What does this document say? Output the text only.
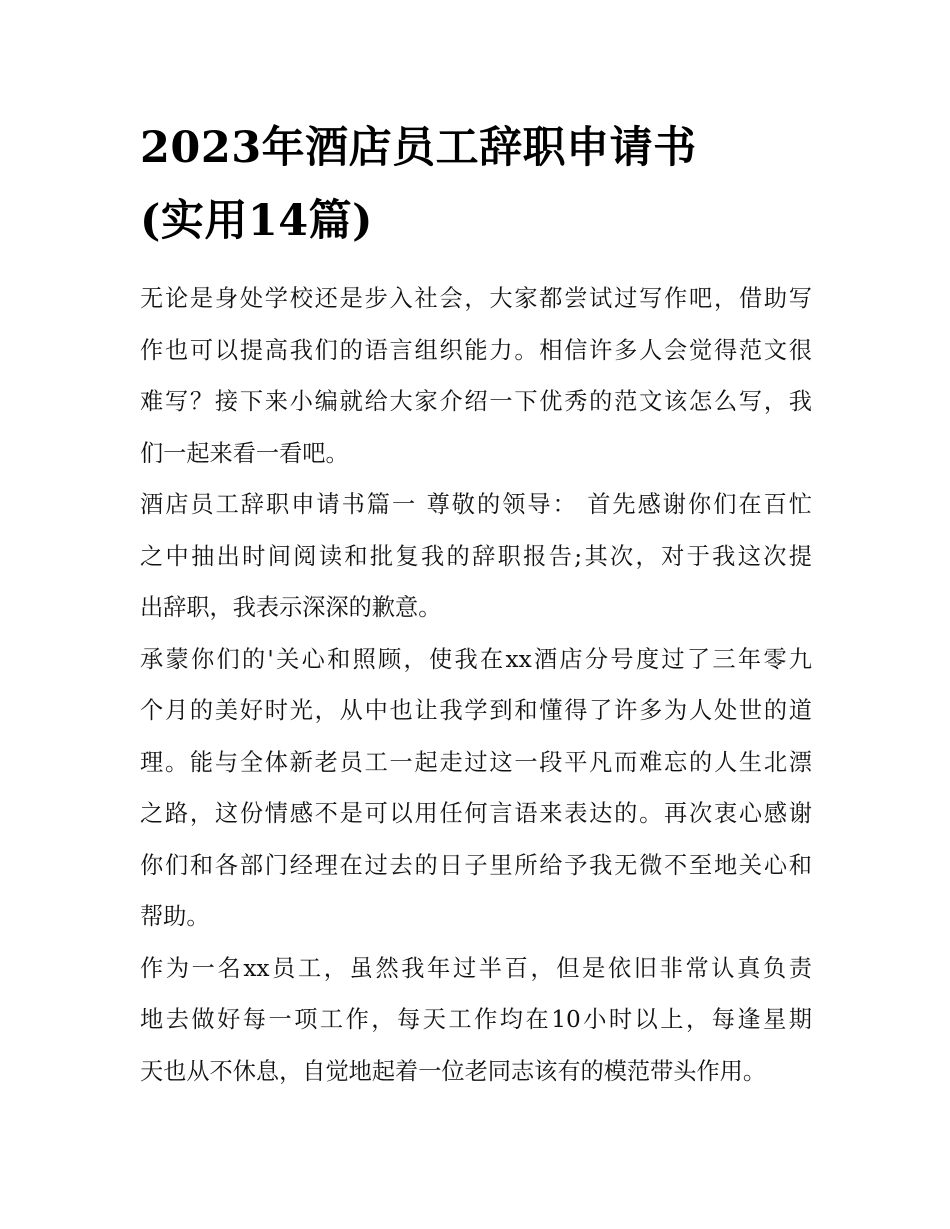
2023年酒店员工辞职申请书
(实用14篇)

无论是身处学校还是步入社会，大家都尝试过写作吧，借助写
作也可以提高我们的语言组织能力。相信许多人会觉得范文很
难写？接下来小编就给大家介绍一下优秀的范文该怎么写，我
们一起来看一看吧。

酒店员工辞职申请书篇一 尊敬的领导： 首先感谢你们在百忙
之中抽出时间阅读和批复我的辞职报告;其次，对于我这次提
出辞职，我表示深深的歉意。

承蒙你们的'关心和照顾，使我在xx酒店分号度过了三年零九
个月的美好时光，从中也让我学到和懂得了许多为人处世的道
理。能与全体新老员工一起走过这一段平凡而难忘的人生北漂
之路，这份情感不是可以用任何言语来表达的。再次衷心感谢
你们和各部门经理在过去的日子里所给予我无微不至地关心和
帮助。

作为一名xx员工，虽然我年过半百，但是依旧非常认真负责
地去做好每一项工作，每天工作均在10小时以上，每逢星期
天也从不休息，自觉地起着一位老同志该有的模范带头作用。
